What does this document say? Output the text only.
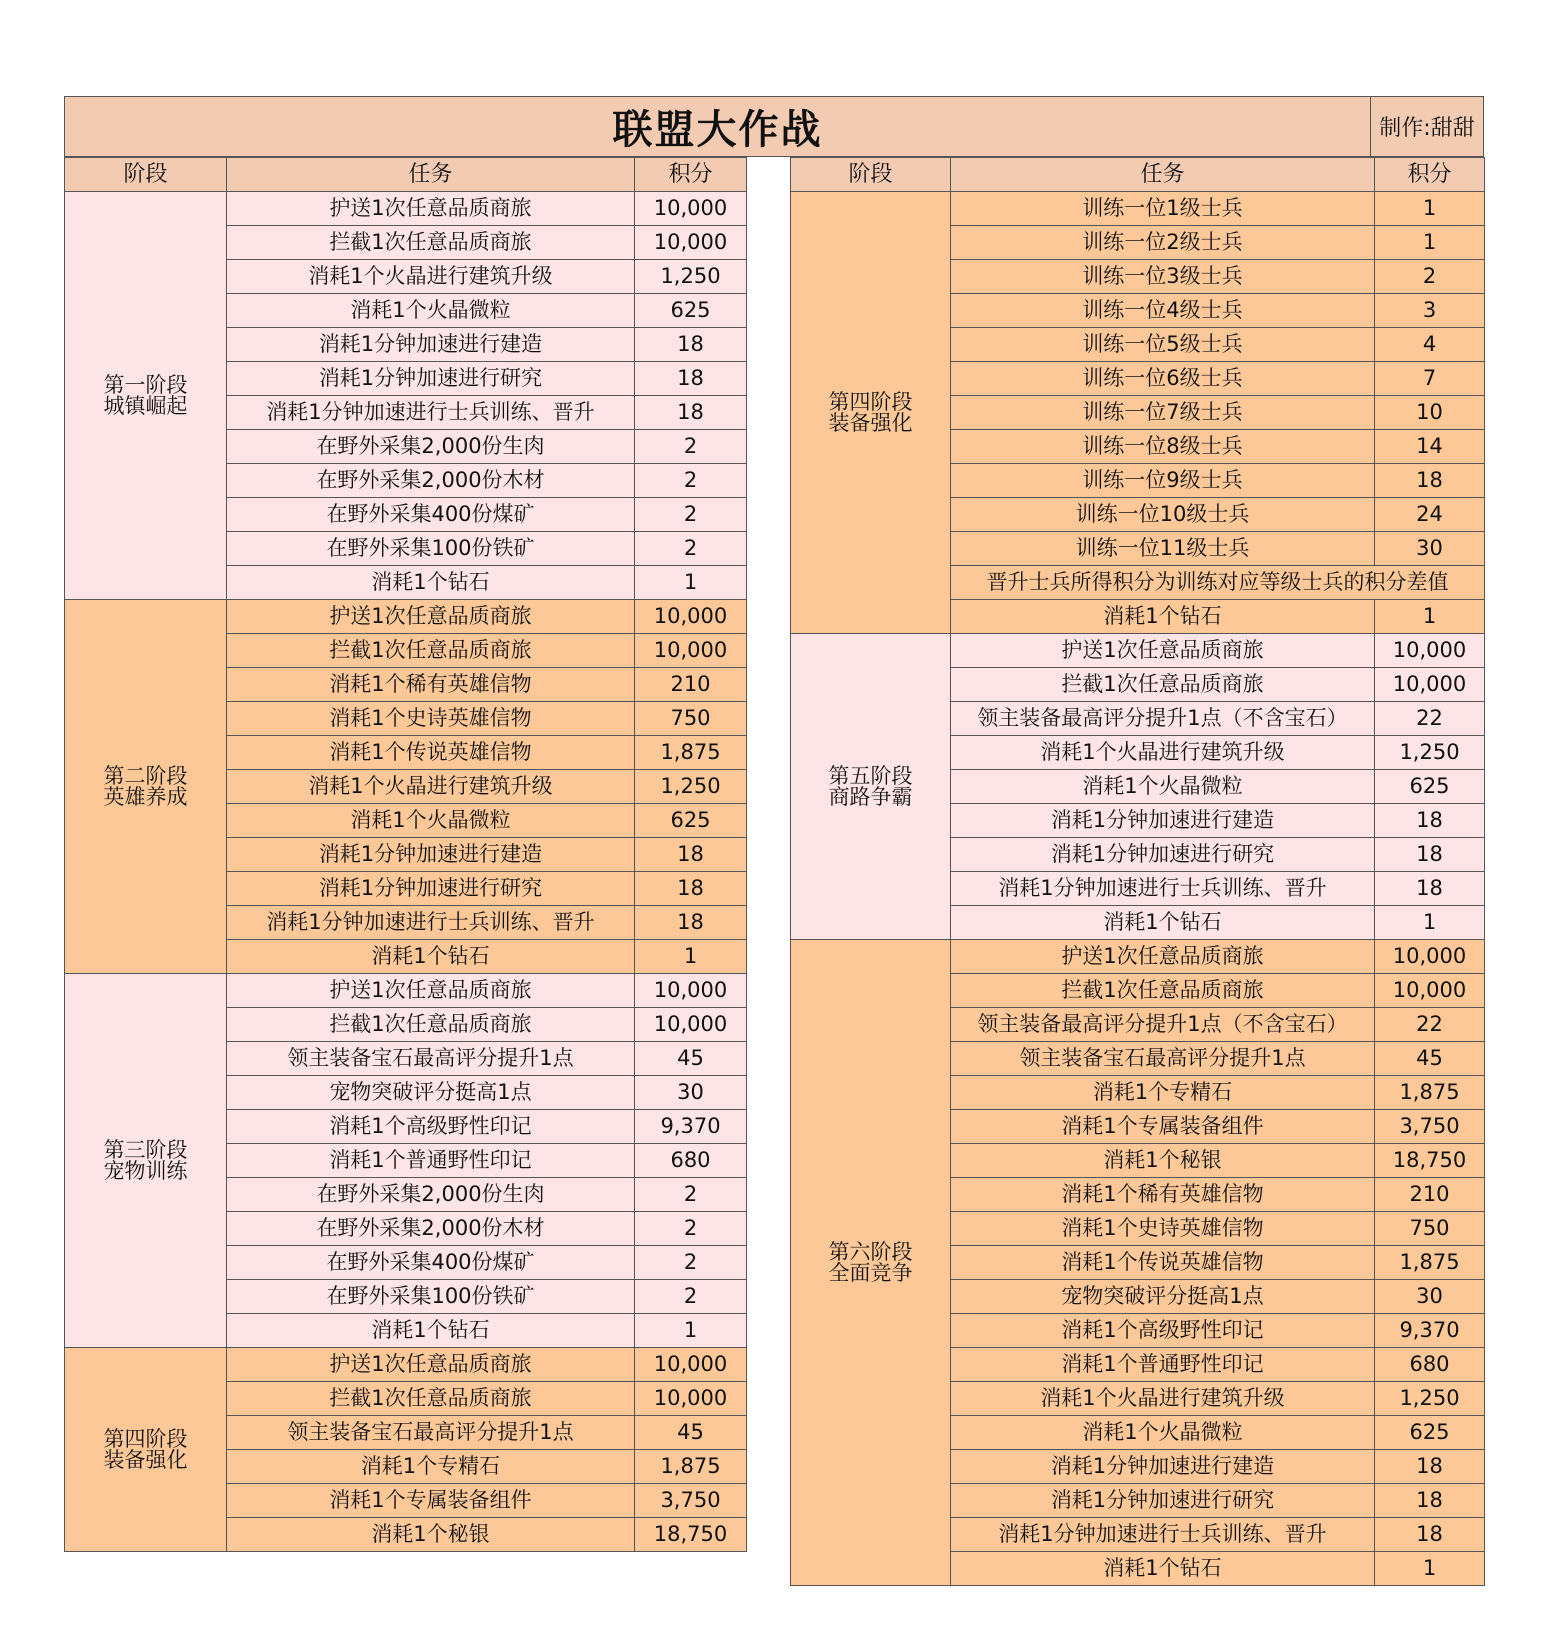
联盟大作战	制作:甜甜
阶段	任务	积分
第一阶段
城镇崛起	护送1次任意品质商旅	10,000
	拦截1次任意品质商旅	10,000
	消耗1个火晶进行建筑升级	1,250
	消耗1个火晶微粒	625
	消耗1分钟加速进行建造	18
	消耗1分钟加速进行研究	18
	消耗1分钟加速进行士兵训练、晋升	18
	在野外采集2,000份生肉	2
	在野外采集2,000份木材	2
	在野外采集400份煤矿	2
	在野外采集100份铁矿	2
	消耗1个钻石	1
第二阶段
英雄养成	护送1次任意品质商旅	10,000
	拦截1次任意品质商旅	10,000
	消耗1个稀有英雄信物	210
	消耗1个史诗英雄信物	750
	消耗1个传说英雄信物	1,875
	消耗1个火晶进行建筑升级	1,250
	消耗1个火晶微粒	625
	消耗1分钟加速进行建造	18
	消耗1分钟加速进行研究	18
	消耗1分钟加速进行士兵训练、晋升	18
	消耗1个钻石	1
第三阶段
宠物训练	护送1次任意品质商旅	10,000
	拦截1次任意品质商旅	10,000
	领主装备宝石最高评分提升1点	45
	宠物突破评分挺高1点	30
	消耗1个高级野性印记	9,370
	消耗1个普通野性印记	680
	在野外采集2,000份生肉	2
	在野外采集2,000份木材	2
	在野外采集400份煤矿	2
	在野外采集100份铁矿	2
	消耗1个钻石	1
第四阶段
装备强化	护送1次任意品质商旅	10,000
	拦截1次任意品质商旅	10,000
	领主装备宝石最高评分提升1点	45
	消耗1个专精石	1,875
	消耗1个专属装备组件	3,750
	消耗1个秘银	18,750
阶段	任务	积分
第四阶段
装备强化	训练一位1级士兵	1
	训练一位2级士兵	1
	训练一位3级士兵	2
	训练一位4级士兵	3
	训练一位5级士兵	4
	训练一位6级士兵	7
	训练一位7级士兵	10
	训练一位8级士兵	14
	训练一位9级士兵	18
	训练一位10级士兵	24
	训练一位11级士兵	30
	晋升士兵所得积分为训练对应等级士兵的积分差值	
	消耗1个钻石	1
第五阶段
商路争霸	护送1次任意品质商旅	10,000
	拦截1次任意品质商旅	10,000
	领主装备最高评分提升1点（不含宝石）	22
	消耗1个火晶进行建筑升级	1,250
	消耗1个火晶微粒	625
	消耗1分钟加速进行建造	18
	消耗1分钟加速进行研究	18
	消耗1分钟加速进行士兵训练、晋升	18
	消耗1个钻石	1
第六阶段
全面竞争	护送1次任意品质商旅	10,000
	拦截1次任意品质商旅	10,000
	领主装备最高评分提升1点（不含宝石）	22
	领主装备宝石最高评分提升1点	45
	消耗1个专精石	1,875
	消耗1个专属装备组件	3,750
	消耗1个秘银	18,750
	消耗1个稀有英雄信物	210
	消耗1个史诗英雄信物	750
	消耗1个传说英雄信物	1,875
	宠物突破评分挺高1点	30
	消耗1个高级野性印记	9,370
	消耗1个普通野性印记	680
	消耗1个火晶进行建筑升级	1,250
	消耗1个火晶微粒	625
	消耗1分钟加速进行建造	18
	消耗1分钟加速进行研究	18
	消耗1分钟加速进行士兵训练、晋升	18
	消耗1个钻石	1
